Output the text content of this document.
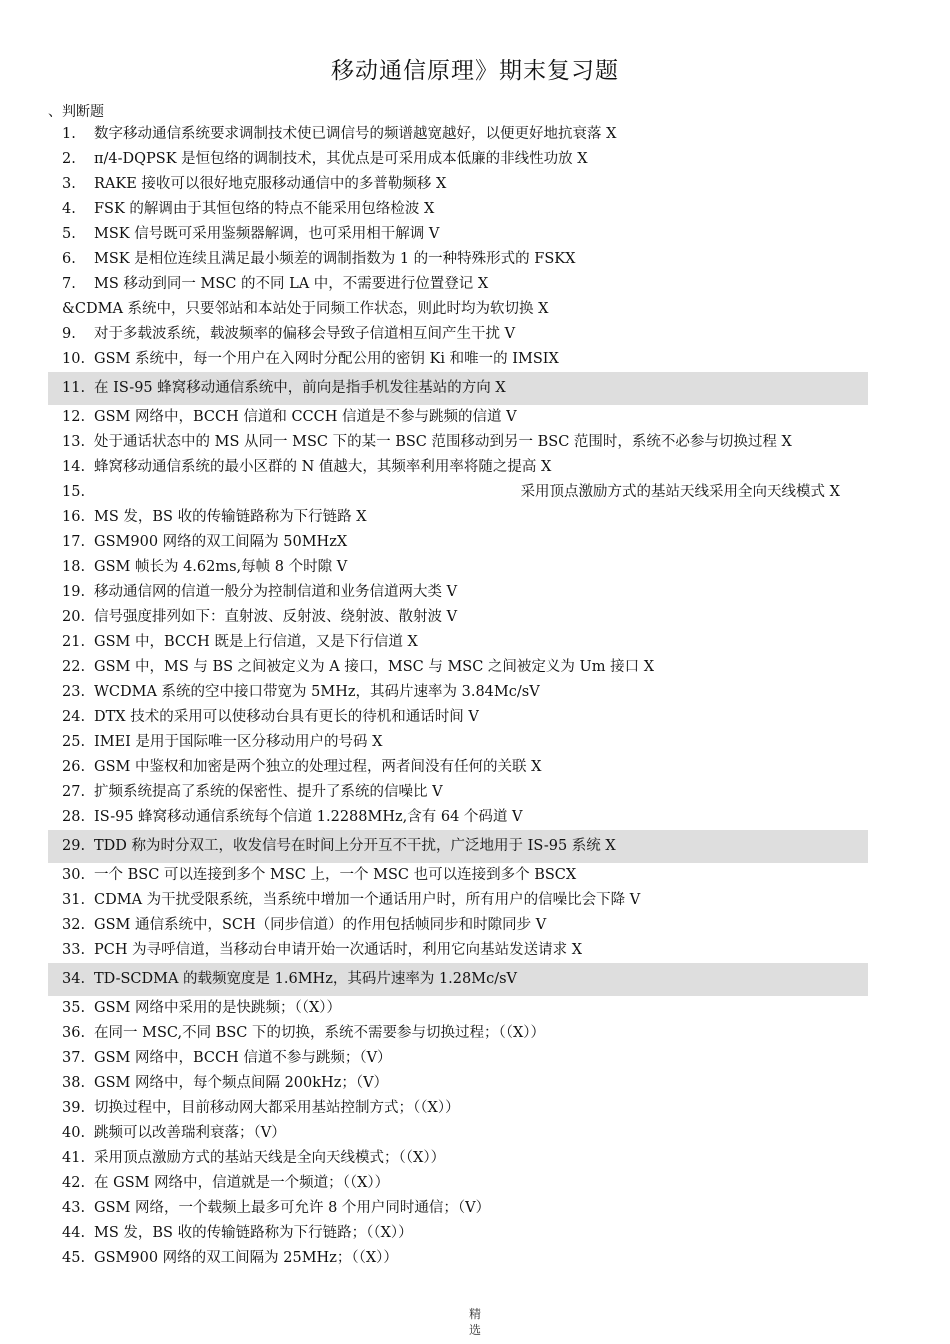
移动通信原理》期末复习题
、判断题
1. 数字移动通信系统要求调制技术使已调信号的频谱越宽越好，以便更好地抗衰落 X
2. π/4-DQPSK 是恒包络的调制技术，其优点是可采用成本低廉的非线性功放 X
3. RAKE 接收可以很好地克服移动通信中的多普勒频移 X
4. FSK 的解调由于其恒包络的特点不能采用包络检波 X
5. MSK 信号既可采用鉴频器解调，也可采用相干解调 V
6. MSK 是相位连续且满足最小频差的调制指数为 1 的一种特殊形式的 FSKX
7. MS 移动到同一 MSC 的不同 LA 中，不需要进行位置登记 X
&CDMA 系统中，只要邻站和本站处于同频工作状态，则此时均为软切换 X
9. 对于多载波系统，载波频率的偏移会导致子信道相互间产生干扰 V
10. GSM 系统中，每一个用户在入网时分配公用的密钥 Ki 和唯一的 IMSIX
11. 在 IS-95 蜂窝移动通信系统中，前向是指手机发往基站的方向 X
12. GSM 网络中，BCCH 信道和 CCCH 信道是不参与跳频的信道 V
13. 处于通话状态中的 MS 从同一 MSC 下的某一 BSC 范围移动到另一 BSC 范围时，系统不必参与切换过程 X
14. 蜂窝移动通信系统的最小区群的 N 值越大，其频率利用率将随之提高 X
15.	采用顶点激励方式的基站天线采用全向天线模式 X
16. MS 发，BS 收的传输链路称为下行链路 X
17. GSM900 网络的双工间隔为 50MHzX
18. GSM 帧长为 4.62ms,每帧 8 个时隙 V
19. 移动通信网的信道一般分为控制信道和业务信道两大类 V
20. 信号强度排列如下：直射波、反射波、绕射波、散射波 V
21. GSM 中，BCCH 既是上行信道，又是下行信道 X
22. GSM 中，MS 与 BS 之间被定义为 A 接口，MSC 与 MSC 之间被定义为 Um 接口 X
23. WCDMA 系统的空中接口带宽为 5MHz，其码片速率为 3.84Mc/sV
24. DTX 技术的采用可以使移动台具有更长的待机和通话时间 V
25. IMEI 是用于国际唯一区分移动用户的号码 X
26. GSM 中鉴权和加密是两个独立的处理过程，两者间没有任何的关联 X
27. 扩频系统提高了系统的保密性、提升了系统的信噪比 V
28. IS-95 蜂窝移动通信系统每个信道 1.2288MHz,含有 64 个码道 V
29. TDD 称为时分双工，收发信号在时间上分开互不干扰，广泛地用于 IS-95 系统 X
30. 一个 BSC 可以连接到多个 MSC 上，一个 MSC 也可以连接到多个 BSCX
31. CDMA 为干扰受限系统，当系统中增加一个通话用户时，所有用户的信噪比会下降 V
32. GSM 通信系统中，SCH（同步信道）的作用包括帧同步和时隙同步 V
33. PCH 为寻呼信道，当移动台申请开始一次通话时，利用它向基站发送请求 X
34. TD-SCDMA 的载频宽度是 1.6MHz，其码片速率为 1.28Mc/sV
35. GSM 网络中采用的是快跳频；（（X））
36. 在同一 MSC,不同 BSC 下的切换，系统不需要参与切换过程；（（X））
37. GSM 网络中，BCCH 信道不参与跳频；（V）
38. GSM 网络中，每个频点间隔 200kHz；（V）
39. 切换过程中，目前移动网大都采用基站控制方式；（（X））
40. 跳频可以改善瑞利衰落；（V）
41. 采用顶点激励方式的基站天线是全向天线模式；（（X））
42. 在 GSM 网络中，信道就是一个频道；（（X））
43. GSM 网络，一个载频上最多可允许 8 个用户同时通信；（V）
44. MS 发，BS 收的传输链路称为下行链路；（（X））
45. GSM900 网络的双工间隔为 25MHz；（（X））
精
选
